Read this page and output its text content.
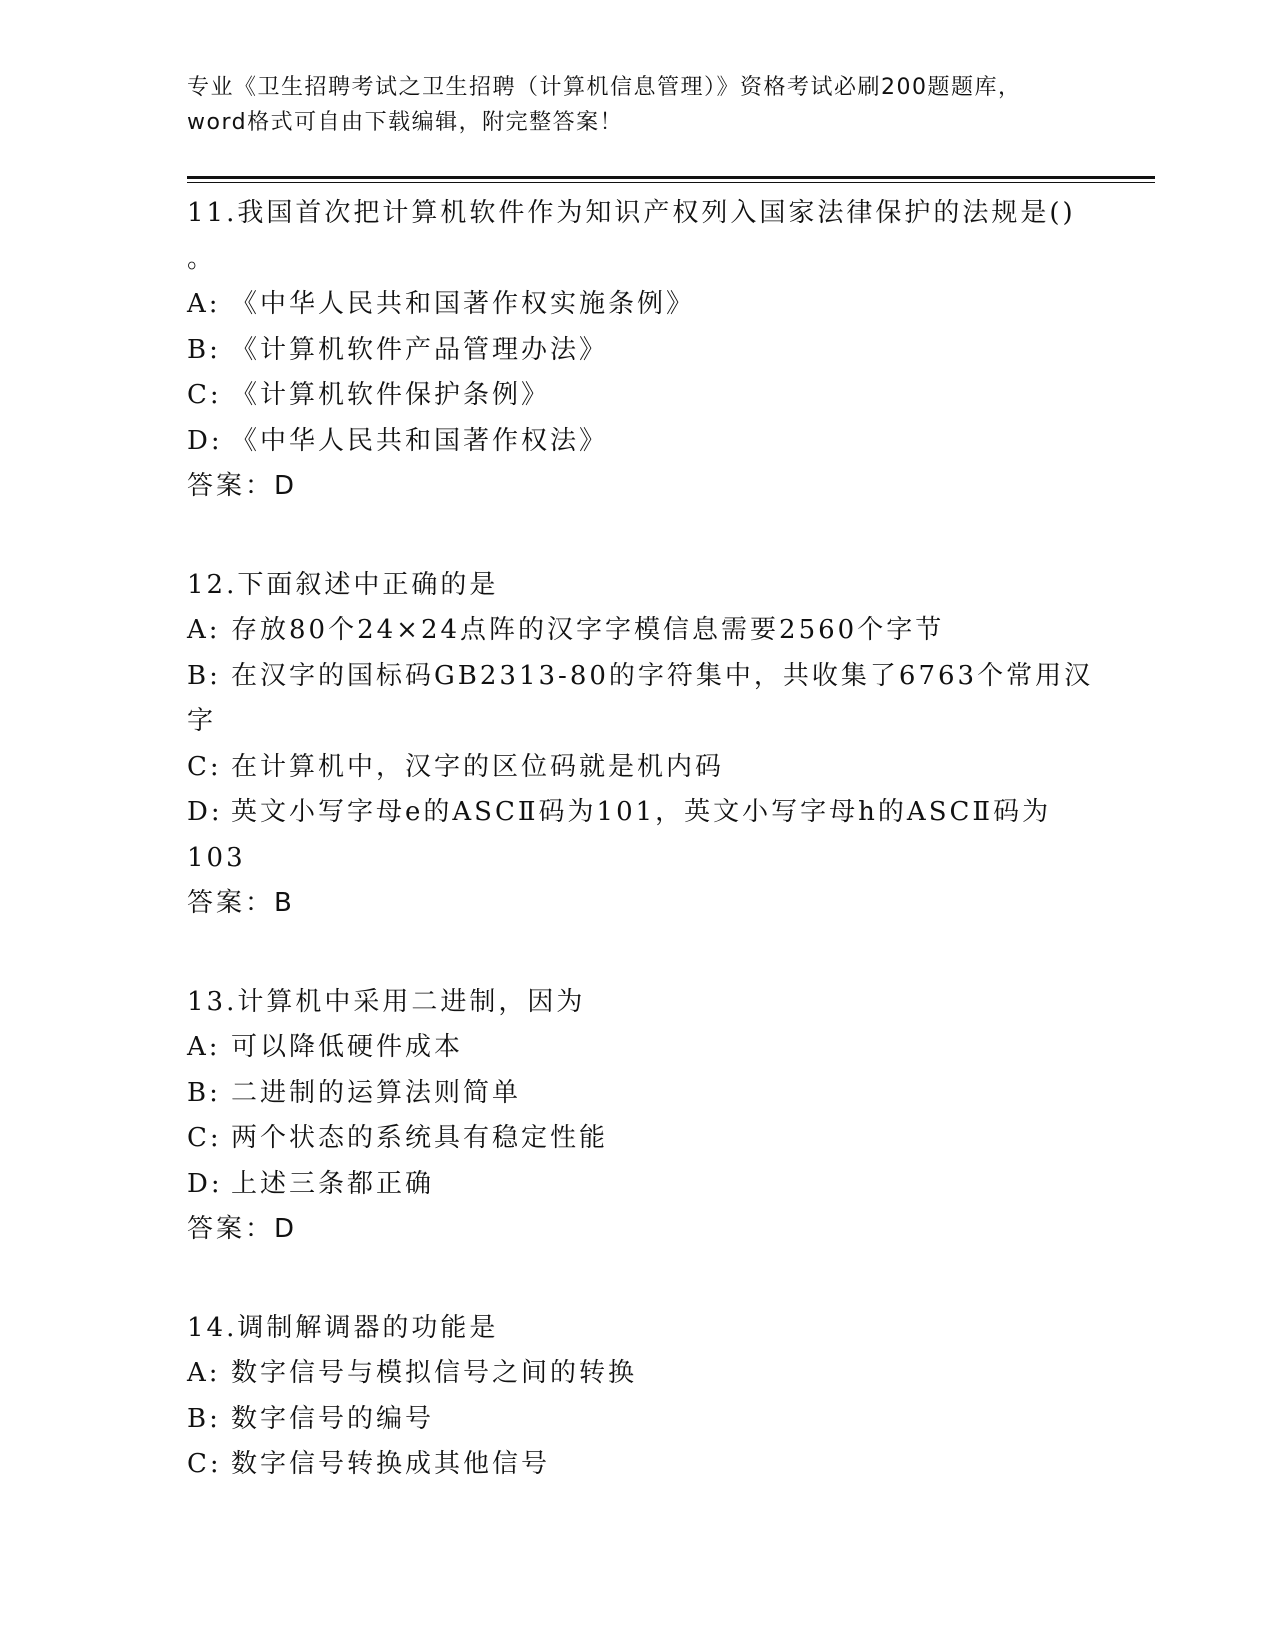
专业《卫生招聘考试之卫生招聘（计算机信息管理）》资格考试必刷200题题库，
word格式可自由下载编辑，附完整答案！
11.我国首次把计算机软件作为知识产权列入国家法律保护的法规是()
。
A: 《中华人民共和国著作权实施条例》
B: 《计算机软件产品管理办法》
C: 《计算机软件保护条例》
D: 《中华人民共和国著作权法》
答案：D
12.下面叙述中正确的是
A: 存放80个24×24点阵的汉字字模信息需要2560个字节
B: 在汉字的国标码GB2313-80的字符集中，共收集了6763个常用汉
字
C: 在计算机中，汉字的区位码就是机内码
D: 英文小写字母e的ASCⅡ码为101，英文小写字母h的ASCⅡ码为
103
答案：B
13.计算机中采用二进制，因为
A: 可以降低硬件成本
B: 二进制的运算法则简单
C: 两个状态的系统具有稳定性能
D: 上述三条都正确
答案：D
14.调制解调器的功能是
A: 数字信号与模拟信号之间的转换
B: 数字信号的编号
C: 数字信号转换成其他信号
